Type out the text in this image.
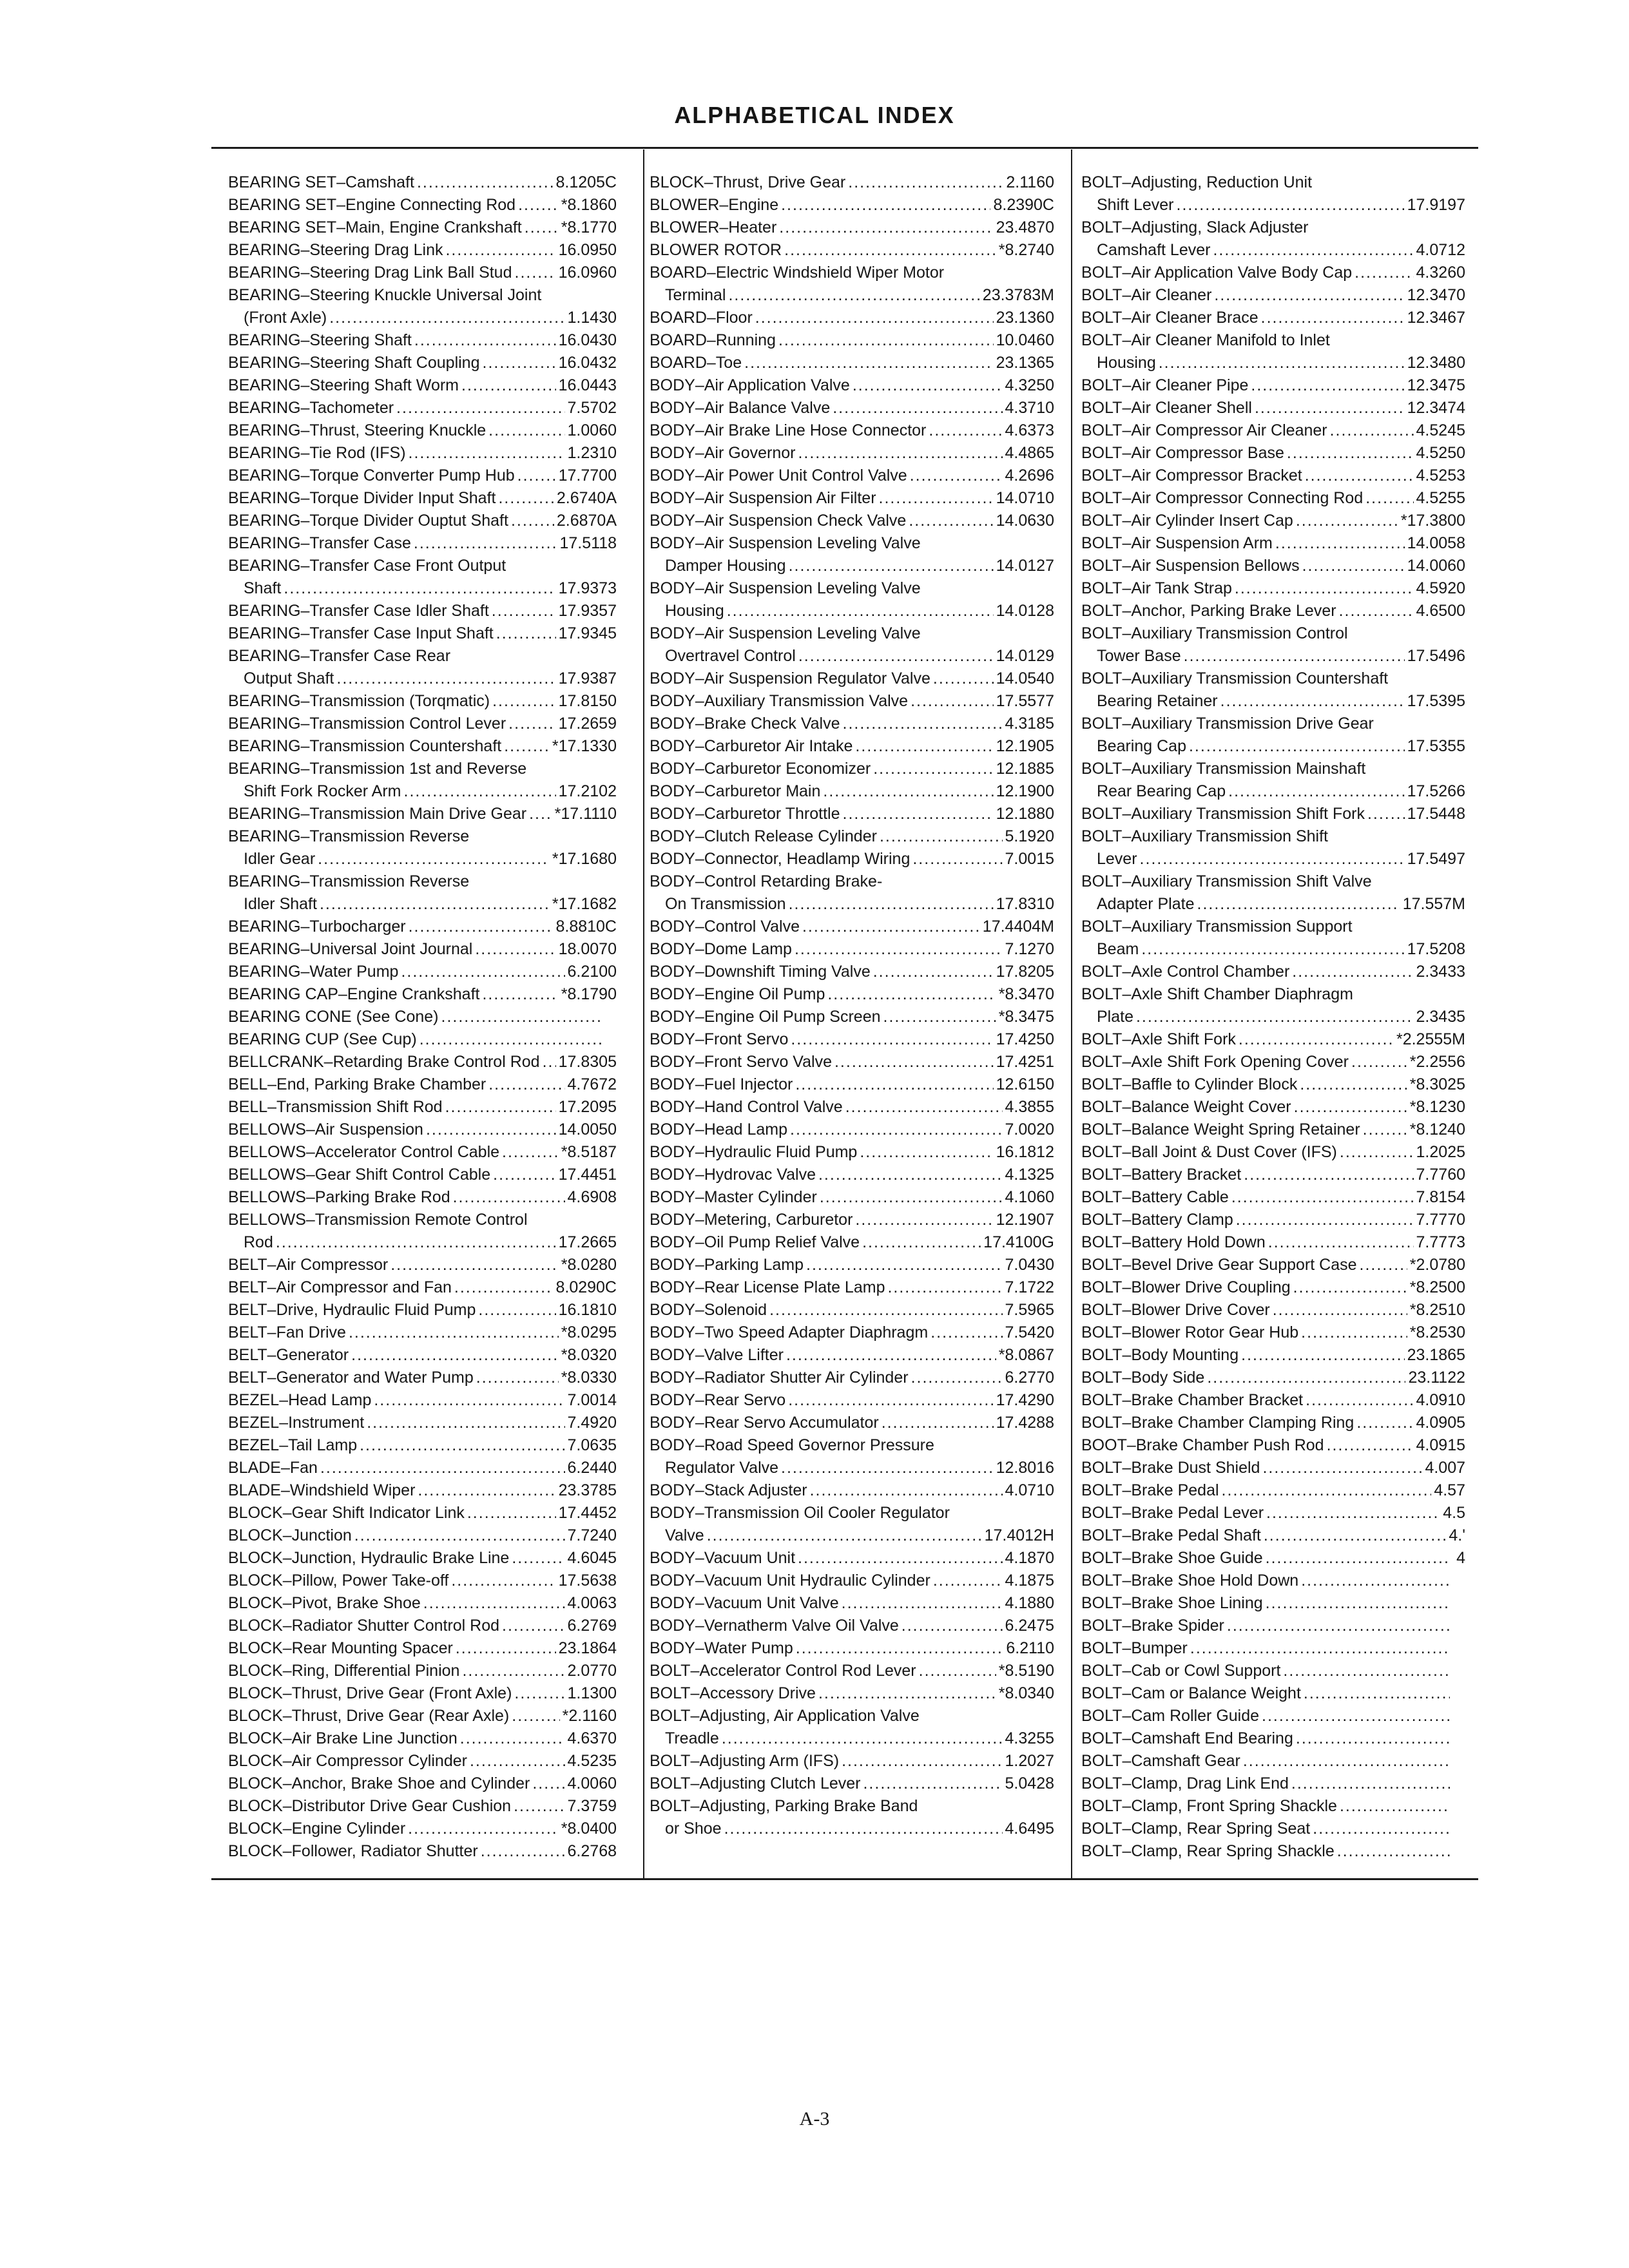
ALPHABETICAL INDEX
BEARING SET–Camshaft .....	8.1205C
BEARING SET–Engine Connecting Rod .....	*8.1860
BEARING SET–Main, Engine Crankshaft ..... *8.1770
BEARING–Steering Drag Link .....	16.0950
BEARING–Steering Drag Link Ball Stud .....	16.0960
BEARING–Steering Knuckle Universal Joint
(Front Axle) .....	1.1430
BEARING–Steering Shaft .....	16.0430
BEARING–Steering Shaft Coupling .....	16.0432
BEARING–Steering Shaft Worm .....	16.0443
BEARING–Tachometer .....	7.5702
BEARING–Thrust, Steering Knuckle .....	1.0060
BEARING–Tie Rod (IFS) .....	1.2310
BEARING–Torque Converter Pump Hub .....	17.7700
BEARING–Torque Divider Input Shaft .....	2.6740A
BEARING–Torque Divider Ouptut Shaft .....	2.6870A
BEARING–Transfer Case .....	17.5118
BEARING–Transfer Case Front Output
Shaft .....	17.9373
BEARING–Transfer Case Idler Shaft .....	17.9357
BEARING–Transfer Case Input Shaft .....	17.9345
BEARING–Transfer Case Rear
Output Shaft .....	17.9387
BEARING–Transmission (Torqmatic) .....	17.8150
BEARING–Transmission Control Lever .....	17.2659
BEARING–Transmission Countershaft .....	*17.1330
BEARING–Transmission 1st and Reverse
Shift Fork Rocker Arm .....	17.2102
BEARING–Transmission Main Drive Gear ..... *17.1110
BEARING–Transmission Reverse
Idler Gear .....	*17.1680
BEARING–Transmission Reverse
Idler Shaft .....	*17.1682
BEARING–Turbocharger .....	8.8810C
BEARING–Universal Joint Journal .....	18.0070
BEARING–Water Pump .....	6.2100
BEARING CAP–Engine Crankshaft .....	*8.1790
BEARING CONE (See Cone)
.....
BEARING CUP (See Cup)
.....
BELLCRANK–Retarding Brake Control Rod ..... 17.8305
BELL–End, Parking Brake Chamber .....	4.7672
BELL–Transmission Shift Rod .....	17.2095
BELLOWS–Air Suspension .....	14.0050
BELLOWS–Accelerator Control Cable .....	*8.5187
BELLOWS–Gear Shift Control Cable .....	17.4451
BELLOWS–Parking Brake Rod .....	4.6908
BELLOWS–Transmission Remote Control
Rod .....	17.2665
BELT–Air Compressor .....	*8.0280
BELT–Air Compressor and Fan .....	8.0290C
BELT–Drive, Hydraulic Fluid Pump .....	16.1810
BELT–Fan Drive .....	*8.0295
BELT–Generator .....	*8.0320
BELT–Generator and Water Pump .....	*8.0330
BEZEL–Head Lamp .....	7.0014
BEZEL–Instrument .....	7.4920
BEZEL–Tail Lamp .....	7.0635
BLADE–Fan .....	6.2440
BLADE–Windshield Wiper .....	23.3785
BLOCK–Gear Shift Indicator Link .....	17.4452
BLOCK–Junction .....	7.7240
BLOCK–Junction, Hydraulic Brake Line .....	4.6045
BLOCK–Pillow, Power Take-off .....	17.5638
BLOCK–Pivot, Brake Shoe .....	4.0063
BLOCK–Radiator Shutter Control Rod .....	6.2769
BLOCK–Rear Mounting Spacer .....	23.1864
BLOCK–Ring, Differential Pinion .....	2.0770
BLOCK–Thrust, Drive Gear (Front Axle) .....	1.1300
BLOCK–Thrust, Drive Gear (Rear Axle) .....	*2.1160
BLOCK–Air Brake Line Junction .....	4.6370
BLOCK–Air Compressor Cylinder .....	4.5235
BLOCK–Anchor, Brake Shoe and Cylinder ..... 4.0060
BLOCK–Distributor Drive Gear Cushion .....	7.3759
BLOCK–Engine Cylinder .....	*8.0400
BLOCK–Follower, Radiator Shutter .....	6.2768
BLOCK–Thrust, Drive Gear .....	2.1160
BLOWER–Engine .....	8.2390C
BLOWER–Heater .....	23.4870
BLOWER ROTOR .....	*8.2740
BOARD–Electric Windshield Wiper Motor
Terminal .....	23.3783M
BOARD–Floor .....	23.1360
BOARD–Running .....	10.0460
BOARD–Toe .....	23.1365
BODY–Air Application Valve .....	4.3250
BODY–Air Balance Valve .....	4.3710
BODY–Air Brake Line Hose Connector .....	4.6373
BODY–Air Governor .....	4.4865
BODY–Air Power Unit Control Valve .....	4.2696
BODY–Air Suspension Air Filter .....	14.0710
BODY–Air Suspension Check Valve .....	14.0630
BODY–Air Suspension Leveling Valve
Damper Housing .....	14.0127
BODY–Air Suspension Leveling Valve
Housing .....	14.0128
BODY–Air Suspension Leveling Valve
Overtravel Control .....	14.0129
BODY–Air Suspension Regulator Valve .....	14.0540
BODY–Auxiliary Transmission Valve .....	17.5577
BODY–Brake Check Valve .....	4.3185
BODY–Carburetor Air Intake .....	12.1905
BODY–Carburetor Economizer .....	12.1885
BODY–Carburetor Main .....	12.1900
BODY–Carburetor Throttle .....	12.1880
BODY–Clutch Release Cylinder .....	5.1920
BODY–Connector, Headlamp Wiring .....	7.0015
BODY–Control Retarding Brake-
On Transmission .....	17.8310
BODY–Control Valve .....	17.4404M
BODY–Dome Lamp .....	7.1270
BODY–Downshift Timing Valve .....	17.8205
BODY–Engine Oil Pump .....	*8.3470
BODY–Engine Oil Pump Screen .....	*8.3475
BODY–Front Servo .....	17.4250
BODY–Front Servo Valve .....	17.4251
BODY–Fuel Injector .....	12.6150
BODY–Hand Control Valve .....	4.3855
BODY–Head Lamp .....	7.0020
BODY–Hydraulic Fluid Pump .....	16.1812
BODY–Hydrovac Valve .....	4.1325
BODY–Master Cylinder .....	4.1060
BODY–Metering, Carburetor .....	12.1907
BODY–Oil Pump Relief Valve .....	17.4100G
BODY–Parking Lamp .....	7.0430
BODY–Rear License Plate Lamp .....	7.1722
BODY–Solenoid .....	7.5965
BODY–Two Speed Adapter Diaphragm .....	7.5420
BODY–Valve Lifter .....	*8.0867
BODY–Radiator Shutter Air Cylinder .....	6.2770
BODY–Rear Servo .....	17.4290
BODY–Rear Servo Accumulator .....	17.4288
BODY–Road Speed Governor Pressure
Regulator Valve .....	12.8016
BODY–Stack Adjuster .....	4.0710
BODY–Transmission Oil Cooler Regulator
Valve .....	17.4012H
BODY–Vacuum Unit .....	4.1870
BODY–Vacuum Unit Hydraulic Cylinder .....	4.1875
BODY–Vacuum Unit Valve .....	4.1880
BODY–Vernatherm Valve Oil Valve .....	6.2475
BODY–Water Pump .....	6.2110
BOLT–Accelerator Control Rod Lever .....	*8.5190
BOLT–Accessory Drive .....	*8.0340
BOLT–Adjusting, Air Application Valve
Treadle .....	4.3255
BOLT–Adjusting Arm (IFS) .....	1.2027
BOLT–Adjusting Clutch Lever .....	5.0428
BOLT–Adjusting, Parking Brake Band
or Shoe .....	4.6495
BOLT–Adjusting, Reduction Unit
Shift Lever .....	17.9197
BOLT–Adjusting, Slack Adjuster
Camshaft Lever .....	4.0712
BOLT–Air Application Valve Body Cap .....	4.3260
BOLT–Air Cleaner .....	12.3470
BOLT–Air Cleaner Brace .....	12.3467
BOLT–Air Cleaner Manifold to Inlet
Housing .....	12.3480
BOLT–Air Cleaner Pipe .....	12.3475
BOLT–Air Cleaner Shell .....	12.3474
BOLT–Air Compressor Air Cleaner .....	4.5245
BOLT–Air Compressor Base .....	4.5250
BOLT–Air Compressor Bracket .....	4.5253
BOLT–Air Compressor Connecting Rod .....	4.5255
BOLT–Air Cylinder Insert Cap .....	*17.3800
BOLT–Air Suspension Arm .....	14.0058
BOLT–Air Suspension Bellows .....	14.0060
BOLT–Air Tank Strap .....	4.5920
BOLT–Anchor, Parking Brake Lever .....	4.6500
BOLT–Auxiliary Transmission Control
Tower Base .....	17.5496
BOLT–Auxiliary Transmission Countershaft
Bearing Retainer .....	17.5395
BOLT–Auxiliary Transmission Drive Gear
Bearing Cap .....	17.5355
BOLT–Auxiliary Transmission Mainshaft
Rear Bearing Cap .....	17.5266
BOLT–Auxiliary Transmission Shift Fork .....	17.5448
BOLT–Auxiliary Transmission Shift
Lever .....	17.5497
BOLT–Auxiliary Transmission Shift Valve
Adapter Plate .....	17.557M
BOLT–Auxiliary Transmission Support
Beam .....	17.5208
BOLT–Axle Control Chamber .....	2.3433
BOLT–Axle Shift Chamber Diaphragm
Plate .....	2.3435
BOLT–Axle Shift Fork .....	*2.2555M
BOLT–Axle Shift Fork Opening Cover .....	*2.2556
BOLT–Baffle to Cylinder Block .....	*8.3025
BOLT–Balance Weight Cover .....	*8.1230
BOLT–Balance Weight Spring Retainer .....	*8.1240
BOLT–Ball Joint & Dust Cover (IFS) .....	1.2025
BOLT–Battery Bracket .....	7.7760
BOLT–Battery Cable .....	7.8154
BOLT–Battery Clamp .....	7.7770
BOLT–Battery Hold Down .....	7.7773
BOLT–Bevel Drive Gear Support Case .....	*2.0780
BOLT–Blower Drive Coupling .....	*8.2500
BOLT–Blower Drive Cover .....	*8.2510
BOLT–Blower Rotor Gear Hub .....	*8.2530
BOLT–Body Mounting .....	23.1865
BOLT–Body Side .....	23.1122
BOLT–Brake Chamber Bracket .....	4.0910
BOLT–Brake Chamber Clamping Ring .....	4.0905
BOOT–Brake Chamber Push Rod .....	4.0915
BOLT–Brake Dust Shield .....	4.007
BOLT–Brake Pedal .....	4.57
BOLT–Brake Pedal Lever .....	4.5
BOLT–Brake Pedal Shaft .....	4.'
BOLT–Brake Shoe Guide .....	4
BOLT–Brake Shoe Hold Down
.....
BOLT–Brake Shoe Lining
.....
BOLT–Brake Spider
.....
BOLT–Bumper
.....
BOLT–Cab or Cowl Support
.....
BOLT–Cam or Balance Weight
.....
BOLT–Cam Roller Guide
.....
BOLT–Camshaft End Bearing
.....
BOLT–Camshaft Gear
.....
BOLT–Clamp, Drag Link End
.....
BOLT–Clamp, Front Spring Shackle
.....
BOLT–Clamp, Rear Spring Seat
.....
BOLT–Clamp, Rear Spring Shackle
.....
A-3
